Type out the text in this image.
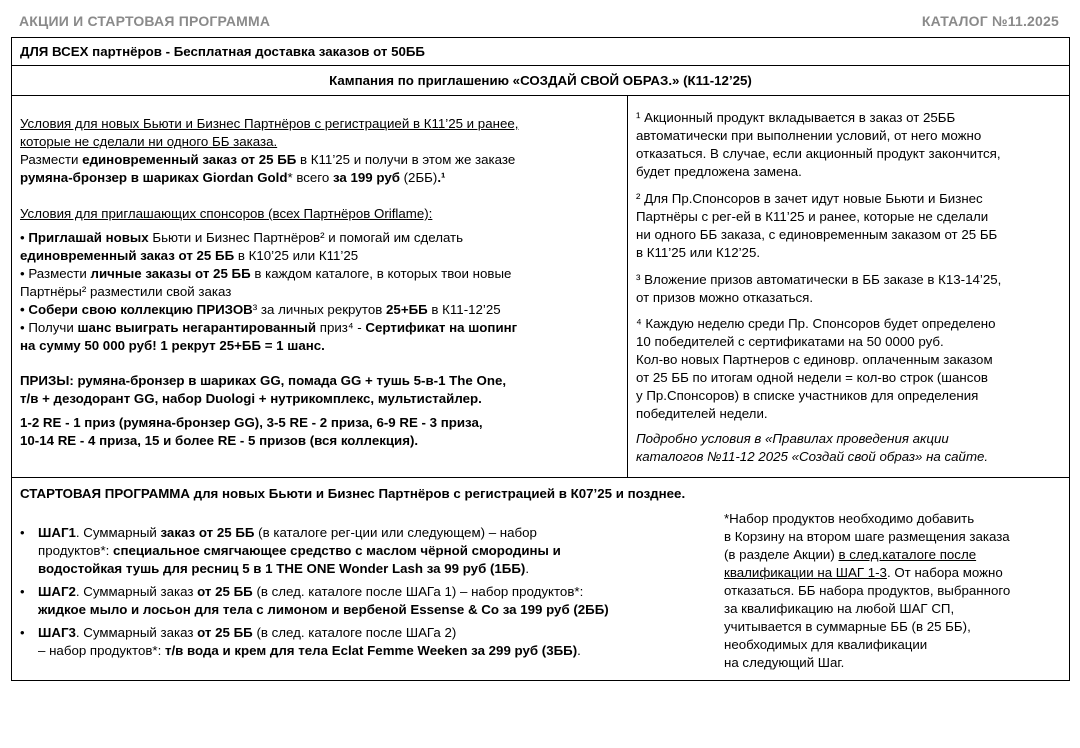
АКЦИИ И СТАРТОВАЯ ПРОГРАММА	КАТАЛОГ №11.2025
ДЛЯ ВСЕХ партнёров - Бесплатная доставка заказов от 50ББ
Кампания по приглашению «СОЗДАЙ СВОЙ ОБРАЗ.» (К11-12’25)

Условия для новых Бьюти и Бизнес Партнёров с регистрацией в К11’25 и ранее,

которые не сделали ни одного ББ заказа.

Размести единовременный заказ от 25 ББ в К11’25 и получи в этом же заказе

румяна-бронзер в шариках Giordan Gold* всего за 199 руб (2ББ).¹

Условия для приглашающих спонсоров (всех Партнёров Oriflame):

• Приглашай новых Бьюти и Бизнес Партнёров² и помогай им сделать

единовременный заказ от 25 ББ в К10’25 или К11’25

• Размести личные заказы от 25 ББ в каждом каталоге, в которых твои новые

Партнёры² разместили свой заказ

• Собери свою коллекцию ПРИЗОВ³ за личных рекрутов 25+ББ в К11-12’25

• Получи шанс выиграть негарантированный приз⁴ - Сертификат на шопинг

на сумму 50 000 руб! 1 рекрут 25+ББ = 1 шанс.

ПРИЗЫ: румяна-бронзер в шариках GG, помада GG + тушь 5-в-1 The One,

т/в + дезодорант GG, набор Duologi + нутрикомплекс, мультистайлер.

1-2 RE - 1 приз (румяна-бронзер GG), 3-5 RE - 2 приза, 6-9 RE - 3 приза,

10-14 RE - 4 приза, 15 и более RE - 5 призов (вся коллекция).

¹ Акционный продукт вкладывается в заказ от 25ББ

автоматически при выполнении условий, от него можно

отказаться. В случае, если акционный продукт закончится,

будет предложена замена.

² Для Пр.Спонсоров в зачет идут новые Бьюти и Бизнес

Партнёры с рег-ей в К11’25 и ранее, которые не сделали

ни одного ББ заказа, с единовременным заказом от 25 ББ

в К11’25 или К12’25.

³ Вложение призов автоматически в ББ заказе в К13-14’25,

от призов можно отказаться.

⁴ Каждую неделю среди Пр. Спонсоров будет определено

10 победителей с сертификатами на 50 0000 руб.

Кол-во новых Партнеров с единовр. оплаченным заказом

от 25 ББ по итогам одной недели = кол-во строк (шансов

у Пр.Спонсоров) в списке участников для определения

победителей недели.

Подробно условия в «Правилах проведения акции

каталогов №11-12 2025 «Создай свой образ» на сайте.

СТАРТОВАЯ ПРОГРАММА для новых Бьюти и Бизнес Партнёров с регистрацией в К07’25 и позднее.

• ШАГ1. Суммарный заказ от 25 ББ (в каталоге рег-ции или следующем) – набор

продуктов*: специальное смягчающее средство с маслом чёрной смородины и

водостойкая тушь для ресниц 5 в 1 THE ONE Wonder Lash за 99 руб (1ББ).

• ШАГ2. Суммарный заказ от 25 ББ (в след. каталоге после ШАГа 1) – набор продуктов*:

жидкое мыло и лосьон для тела с лимоном и вербеной Essense & Co за 199 руб (2ББ)

• ШАГ3. Суммарный заказ от 25 ББ (в след. каталоге после ШАГа 2)

– набор продуктов*: т/в вода и крем для тела Eclat Femme Weeken за 299 руб (3ББ).

*Набор продуктов необходимо добавить

в Корзину на втором шаге размещения заказа

(в разделе Акции) в след.каталоге после

квалификации на ШАГ 1-3. От набора можно

отказаться. ББ набора продуктов, выбранного

за квалификацию на любой ШАГ СП,

учитывается в суммарные ББ (в 25 ББ),

необходимых для квалификации

на следующий Шаг.
